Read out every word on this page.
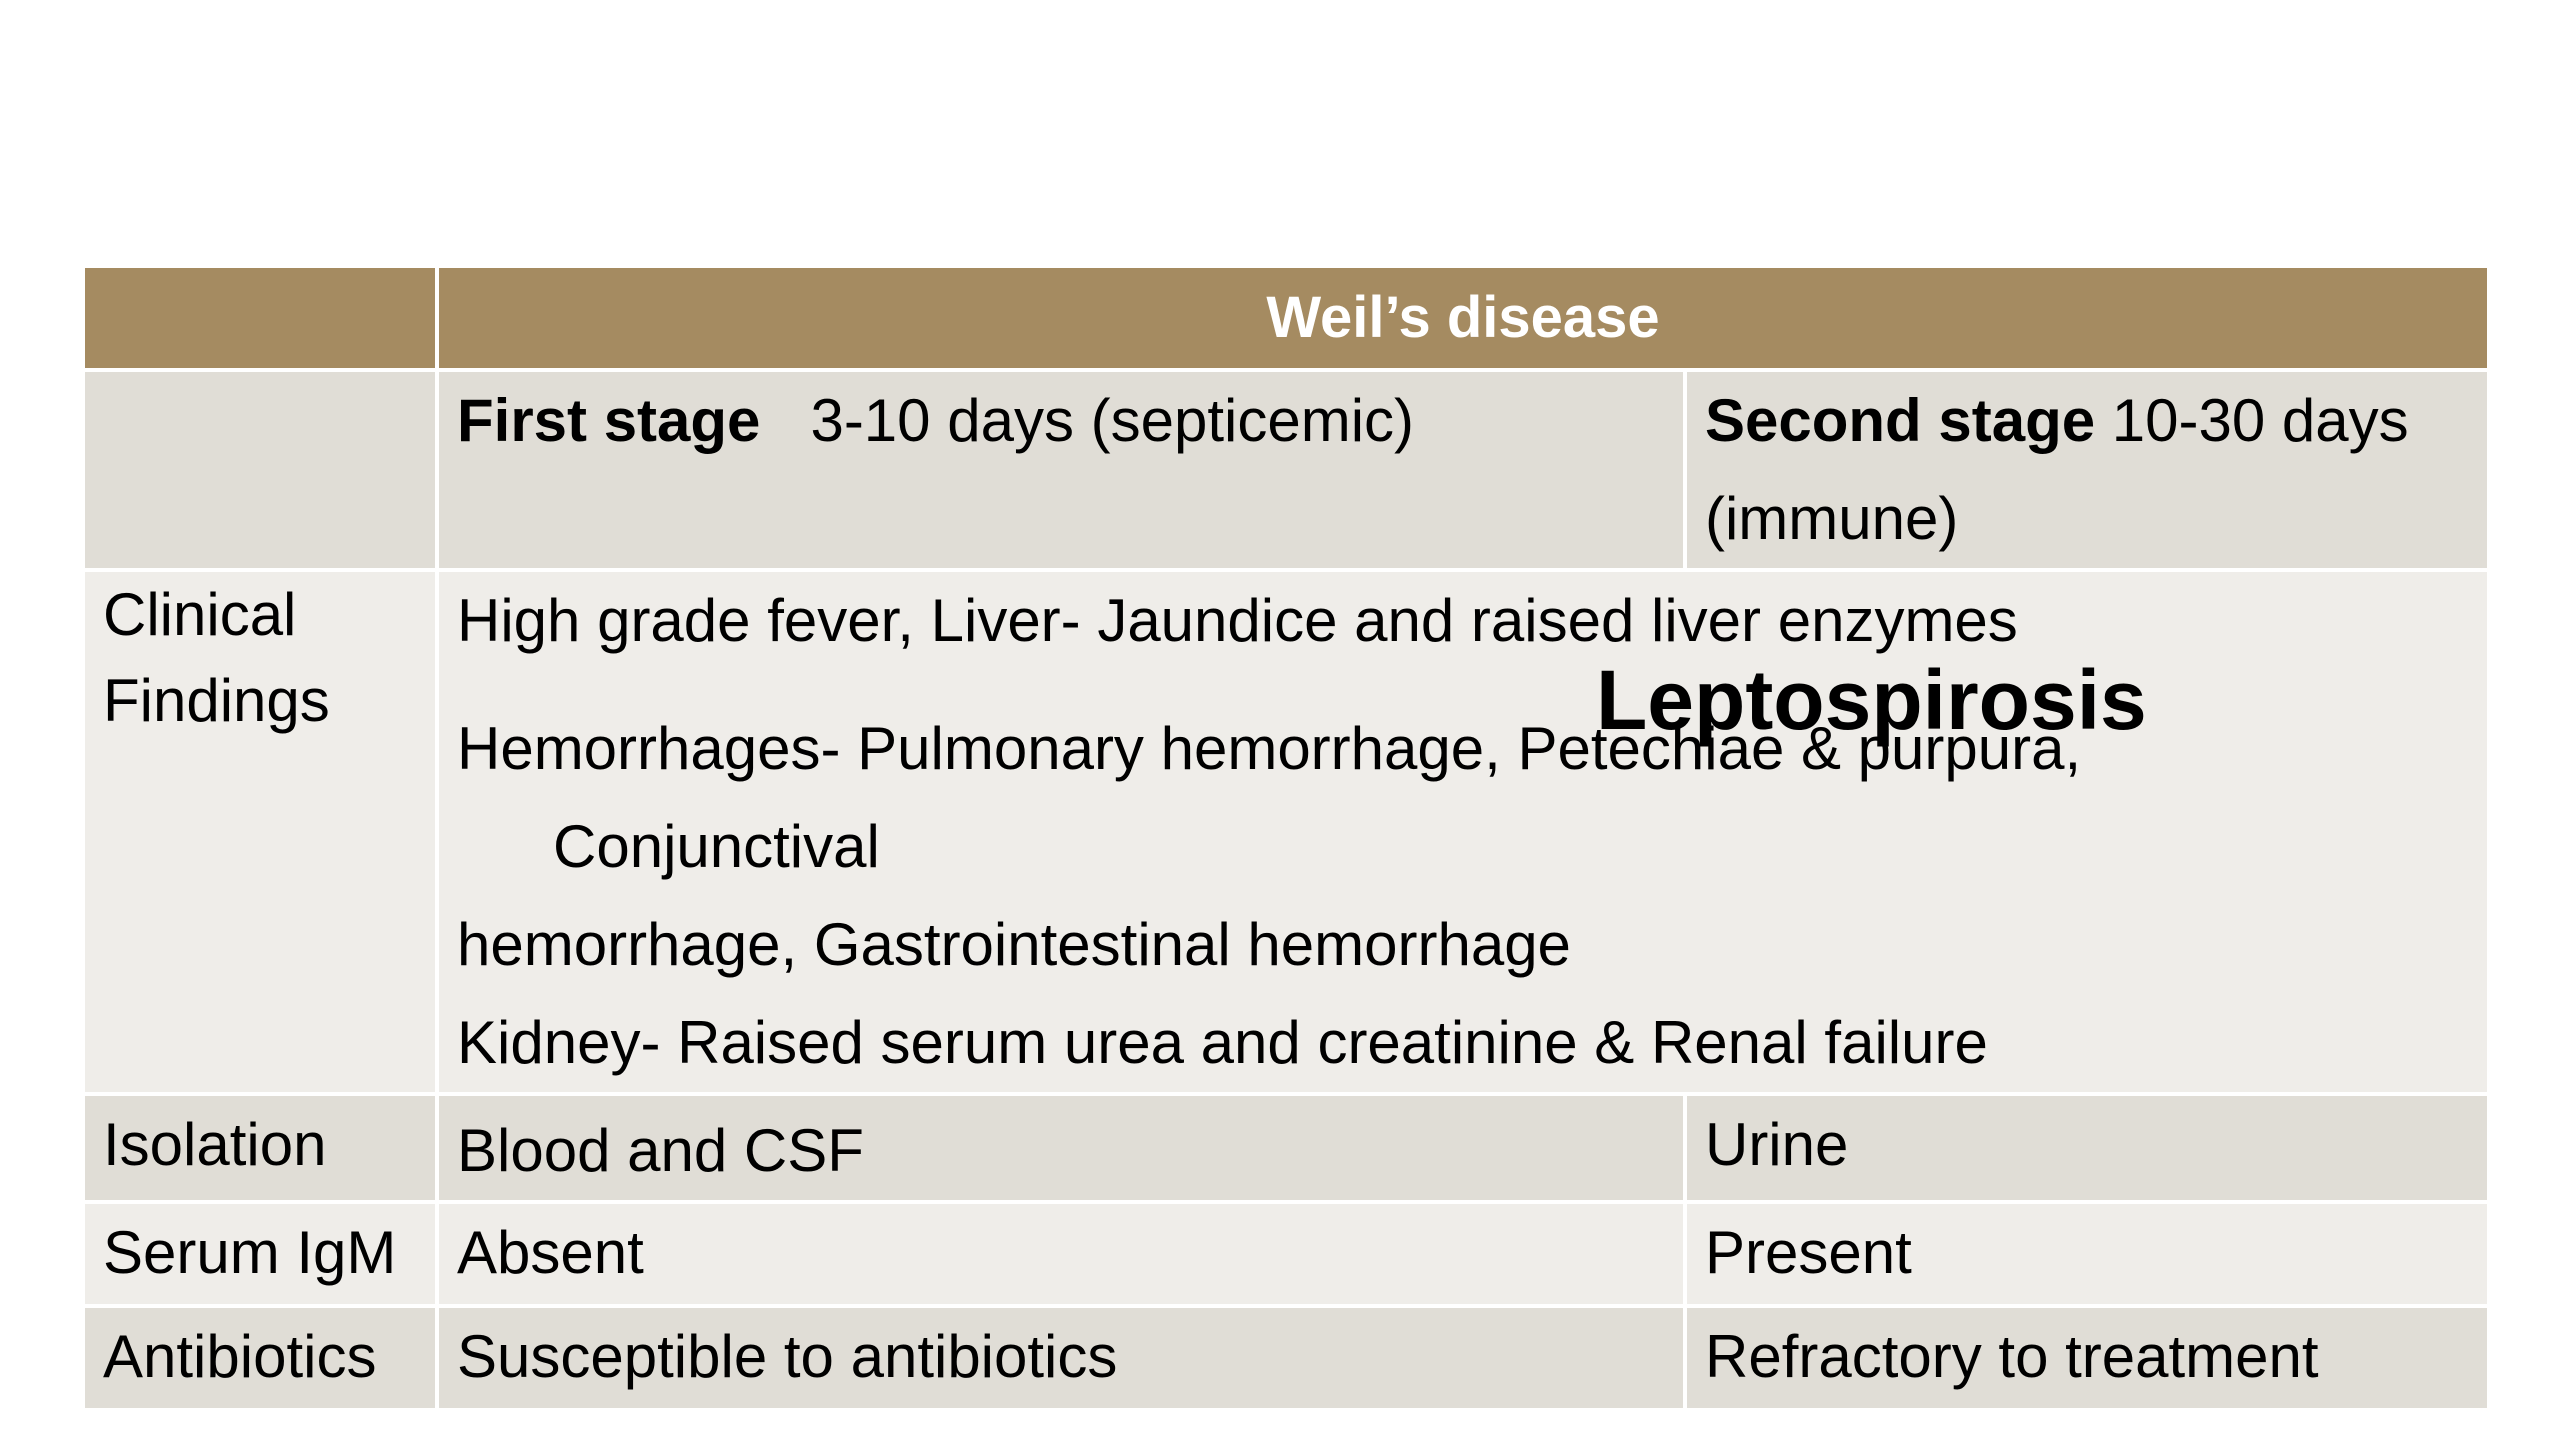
	Weil’s disease	
	First stage 3-10 days (septicemic)	Second stage 10-30 days
(immune)

Clinical
Findings	High grade fever, Liver- Jaundice and raised liver enzymes
Hemorrhages- Pulmonary hemorrhage, Petechiae & purpura,
Conjunctival
hemorrhage, Gastrointestinal hemorrhage
Kidney- Raised serum urea and creatinine & Renal failure	

Isolation	Blood and CSF	Urine
Serum IgM	Absent	Present
Antibiotics	Susceptible to antibiotics	Refractory to treatment
Leptospirosis
